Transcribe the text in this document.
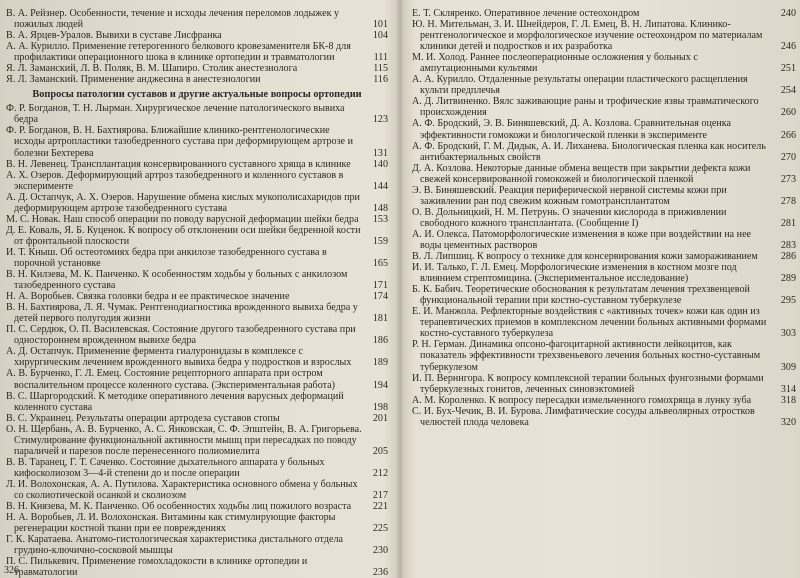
В. А. Рейзнер. Особенности, течение и исходы лечения переломов лодыжек у пожилых людей	101
В. А. Ярцев-Уралов. Вывихи в суставе Лисфранка	104
А. А. Курилло. Применение гетерогенного белкового кровезаменителя БК-8 для профилактики операционного шока в клинике ортопедии и травматологии	111
Я. Л. Заманский, Л. В. Поляк, В. М. Шапиро. Столик анестезиолога	115
Я. Л. Заманский. Применение анджесина в анестезиологии	116
Вопросы патологии суставов и другие актуальные вопросы ортопедии
Ф. Р. Богданов, Т. Н. Лырман. Хирургическое лечение патологического вывиха бедра	123
Ф. Р. Богданов, В. Н. Бахтиярова. Ближайшие клинико-рентгенологические исходы артропластики тазобедренного сустава при деформирующем артрозе и болезни Бехтерева	131
В. Н. Левенец. Трансплантация консервированного суставного хряща в клинике	140
А. Х. Озеров. Деформирующий артроз тазобедренного и коленного суставов в эксперименте	144
А. Д. Остапчук, А. Х. Озеров. Нарушение обмена кислых мукополисахаридов при деформирующем артрозе тазобедренного сустава	148
М. С. Новак. Наш способ операции по поводу варусной деформации шейки бедра	153
Д. Е. Коваль, Я. Б. Куценок. К вопросу об отклонении оси шейки бедренной кости от фронтальной плоскости	159
И. Т. Кныш. Об остеотомиях бедра при анкилозе тазобедренного сустава в порочной установке	165
В. Н. Кнлзева, М. К. Панченко. К особенностям ходьбы у больных с анкилозом тазобедренного сустава	171
Н. А. Воробьев. Связка головки бедра и ее практическое значение	174
В. Н. Бахтиярова, Л. Я. Чумак. Рентгенодиагностика врожденного вывиха бедра у детей первого полугодия жизни	181
П. С. Сердюк, О. П. Василевская. Состояние другого тазобедренного сустава при одностороннем врожденном вывихе бедра	186
А. Д. Остапчук. Применение фермента гиалуронидазы в комплексе с хирургическим лечением врожденного вывиха бедра у подростков и взрослых	189
А. В. Бурченко, Г. Л. Емец. Состояние рецепторного аппарата при остром воспалительном процессе коленного сустава. (Экспериментальная работа)	194
В. С. Шаргородский. К методике оперативного лечения варусных деформаций коленного сустава	198
В. С. Украинец. Результаты операции артродеза суставов стопы	201
О. Н. Щербань, А. В. Бурченко, А. С. Янковская, С. Ф. Эпштейн, В. А. Григорьева. Стимулирование функциональной активности мышц при пересадках по поводу параличей и парезов после перенесенного полиомиелита	205
В. В. Таранец, Г. Т. Саченко. Состояние дыхательного аппарата у больных кифосколиозом 3—4-й степени до и после операции	212
Л. И. Волохонская, А. А. Путилова. Характеристика основного обмена у больных со сколиотической осанкой и сколиозом	217
В. Н. Князева, М. К. Панченко. Об особенностях ходьбы лиц пожилого возраста	221
Н. А. Воробьев, Л. И. Волохонская. Витамины как стимулирующие факторы регенерации костной ткани при ее повреждениях	225
Г. К. Каратаева. Анатомо-гистологическая характеристика дистального отдела грудино-ключично-сосковой мышцы	230
П. С. Пилькевич. Применение гомохладокости в клинике ортопедии и травматологии	236
Е. Т. Скляренко. Оперативное лечение остеохондром	240
Ю. Н. Мительман, З. И. Шнейдеров, Г. Л. Емец, В. Н. Липатова. Клинико-рентгенологическое и морфологическое изучение остеохондром по материалам клиники детей и подростков и их разработка	246
М. И. Холод. Раннее послеоперационные осложнения у больных с ампутационными культями	251
А. А. Курилло. Отдаленные результаты операции пластического расщепления культи предплечья	254
А. Д. Литвиненко. Вялс заживающие раны и трофические язвы травматического происхождения	260
А. Ф. Бродский, Э. В. Биняшевский, Д. А. Козлова. Сравнительная оценка эффективности гомокожи и биологической пленки в эксперименте	266
А. Ф. Бродский, Г. М. Дидык, А. И. Лиханева. Биологическая пленка как носитель антибактериальных свойств	270
Д. А. Козлова. Некоторые данные обмена веществ при закрытии дефекта кожи свежей консервированной гомокожей и биологической пленкой	273
Э. В. Биняшевский. Реакция периферической нервной системы кожи при заживлении ран под свежим кожным гомотрансплантатом	278
О. В. Дольницкий, Н. М. Петрунь. О значении кислорода в приживлении свободного кожного трансплантата. (Сообщение I)	281
А. И. Олекса. Патоморфологические изменения в коже при воздействии на нее воды цементных растворов	283
В. Л. Липшиц. К вопросу о технике для консервирования кожи замораживанием	286
И. И. Талько, Г. Л. Емец. Морфологические изменения в костном мозге под влиянием стрептомицина. (Экспериментальное исследование)	289
Б. К. Бабич. Теоретические обоснования к результатам лечения трехзвенцевой функциональной терапии при костно-суставном туберкулезе	295
Е. И. Манжола. Рефлекторные воздействия с «активных точек» кожи как один из терапевтических приемов в комплексном лечении больных активными формами костно-суставного туберкулеза	303
Р. Н. Герман. Динамика опсоно-фагоцитарной активности лейкоцитов, как показатель эффективности трехзвеньевого лечения больных костно-суставным туберкулезом	309
И. П. Верннгора. К вопросу комплексной терапии больных фунгозными формами туберкулезных гонитов, леченных синовэктомией	314
А. М. Короленко. К вопросу пересадки измельченного гомохряща в лунку зуба	318
С. И. Бух-Чечик, В. И. Бурова. Лимфатические сосуды альвеолярных отростков челюстей плода человека	320
326
